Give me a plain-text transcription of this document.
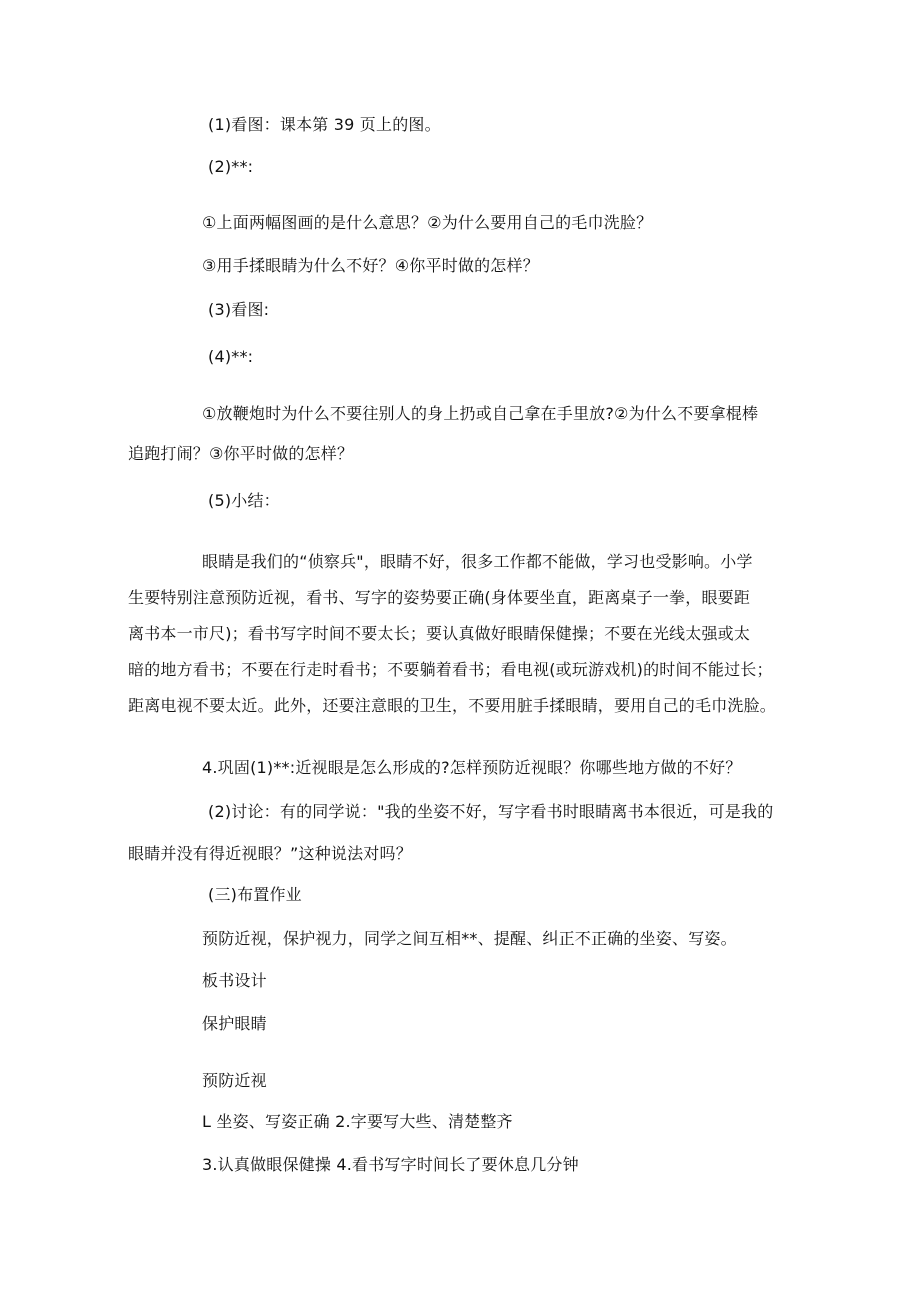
(1)看图：课本第 39 页上的图。
(2)**:
①上面两幅图画的是什么意思？②为什么要用自己的毛巾洗脸？
③用手揉眼睛为什么不好？④你平时做的怎样？
(3)看图:
(4)**:
①放鞭炮时为什么不要往别人的身上扔或自己拿在手里放?②为什么不要拿棍棒
追跑打闹？③你平时做的怎样？
(5)小结：
眼睛是我们的“侦察兵"，眼睛不好，很多工作都不能做，学习也受影响。小学
生要特别注意预防近视，看书、写字的姿势要正确(身体要坐直，距离桌子一拳，眼要距
离书本一市尺)；看书写字时间不要太长；要认真做好眼睛保健操；不要在光线太强或太
暗的地方看书；不要在行走时看书；不要躺着看书；看电视(或玩游戏机)的时间不能过长；
距离电视不要太近。此外，还要注意眼的卫生，不要用脏手揉眼睛，要用自己的毛巾洗脸。
4.巩固(1)**:近视眼是怎么形成的?怎样预防近视眼？你哪些地方做的不好？
(2)讨论：有的同学说："我的坐姿不好，写字看书时眼睛离书本很近，可是我的
眼睛并没有得近视眼？”这种说法对吗？
(三)布置作业
预防近视，保护视力，同学之间互相**、提醒、纠正不正确的坐姿、写姿。
板书设计
保护眼睛
预防近视
L 坐姿、写姿正确 2.字要写大些、清楚整齐
3.认真做眼保健操 4.看书写字时间长了要休息几分钟
